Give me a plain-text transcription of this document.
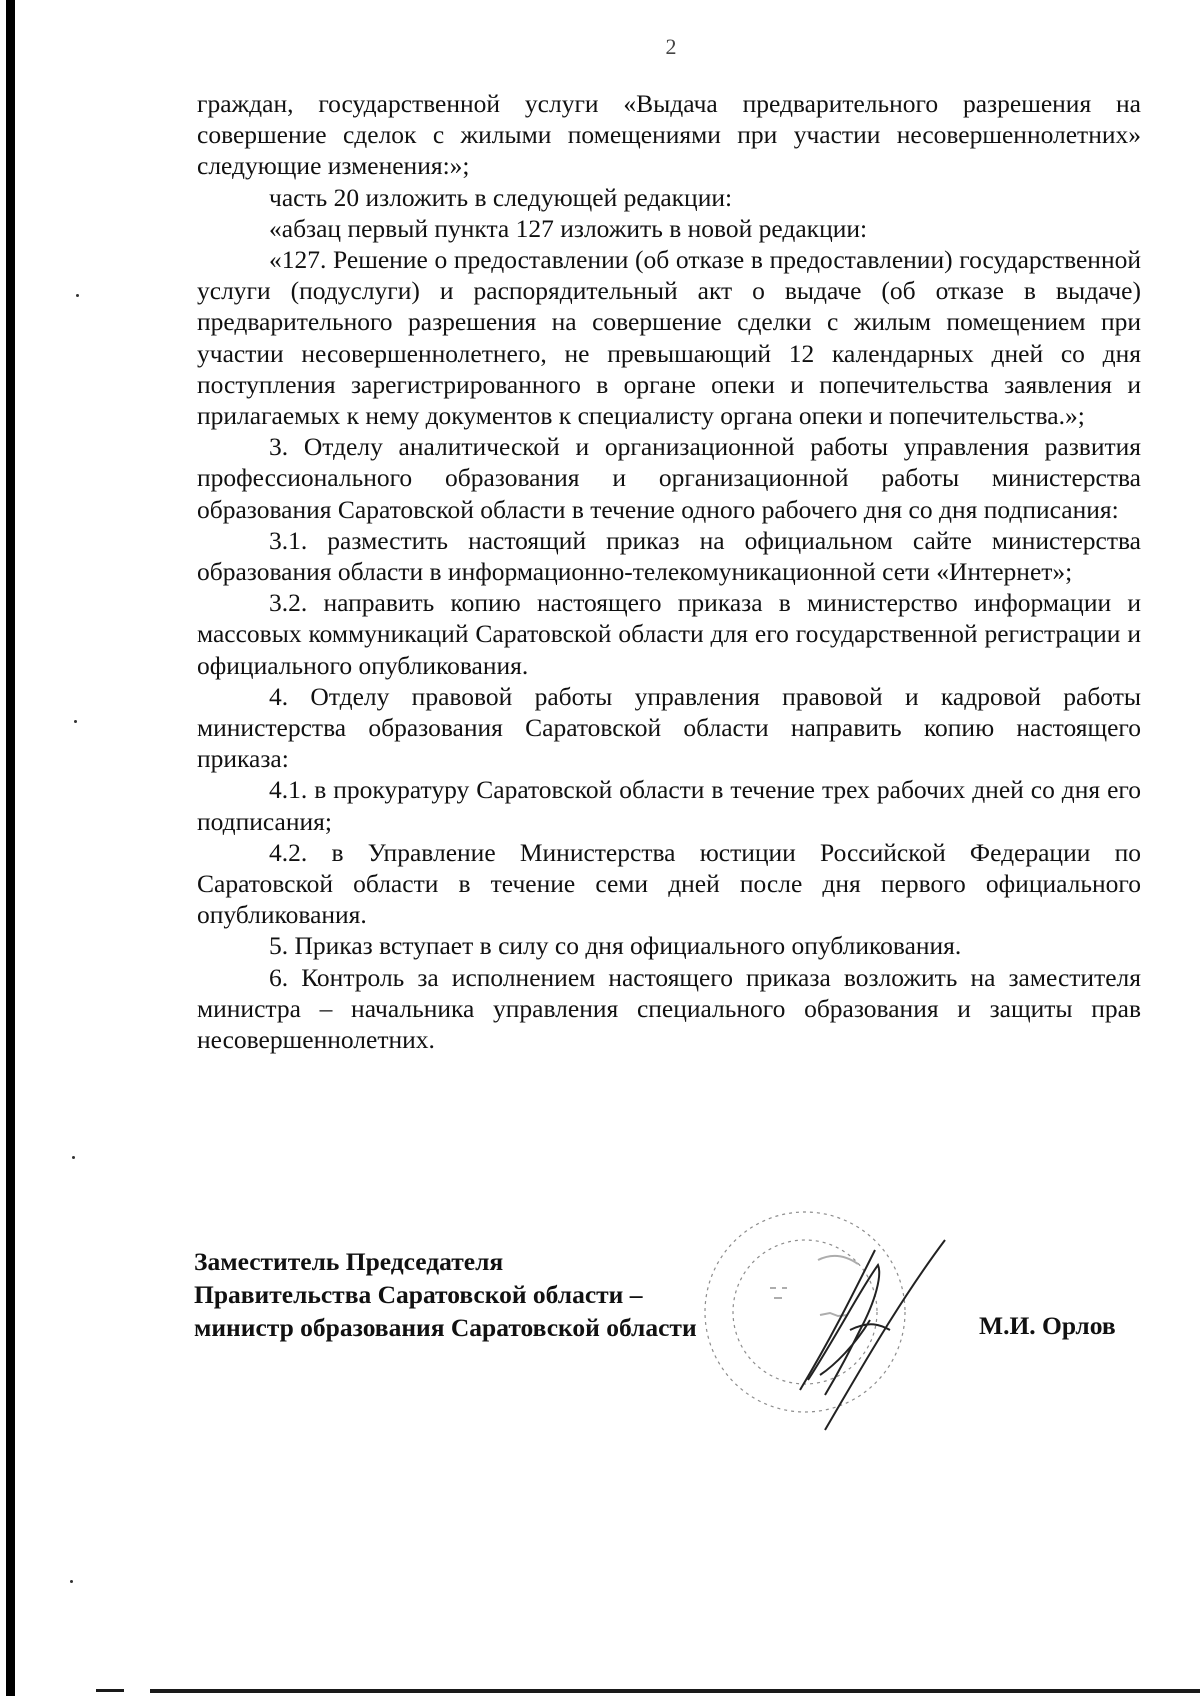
2

граждан, государственной услуги «Выдача предварительного разрешения на совершение сделок с жилыми помещениями при участии несовершеннолетних» следующие изменения:»;

часть 20 изложить в следующей редакции:

«абзац первый пункта 127 изложить в новой редакции:

«127. Решение о предоставлении (об отказе в предоставлении) государственной услуги (подуслуги) и распорядительный акт о выдаче (об отказе в выдаче) предварительного разрешения на совершение сделки с жилым помещением при участии несовершеннолетнего, не превышающий 12 календарных дней со дня поступления зарегистрированного в органе опеки и попечительства заявления и прилагаемых к нему документов к специалисту органа опеки и попечительства.»;

3. Отделу аналитической и организационной работы управления развития профессионального образования и организационной работы министерства образования Саратовской области в течение одного рабочего дня со дня подписания:

3.1. разместить настоящий приказ на официальном сайте министерства образования области в информационно-телекомуникационной сети «Интернет»;

3.2. направить копию настоящего приказа в министерство информации и массовых коммуникаций Саратовской области для его государственной регистрации и официального опубликования.

4. Отделу правовой работы управления правовой и кадровой работы министерства образования Саратовской области направить копию настоящего приказа:

4.1. в прокуратуру Саратовской области в течение трех рабочих дней со дня его подписания;

4.2. в Управление Министерства юстиции Российской Федерации по Саратовской области в течение семи дней после дня первого официального опубликования.

5. Приказ вступает в силу со дня официального опубликования.

6. Контроль за исполнением настоящего приказа возложить на заместителя министра – начальника управления специального образования и защиты прав несовершеннолетних.

Заместитель Председателя
Правительства Саратовской области –
министр образования Саратовской области	М.И. Орлов
